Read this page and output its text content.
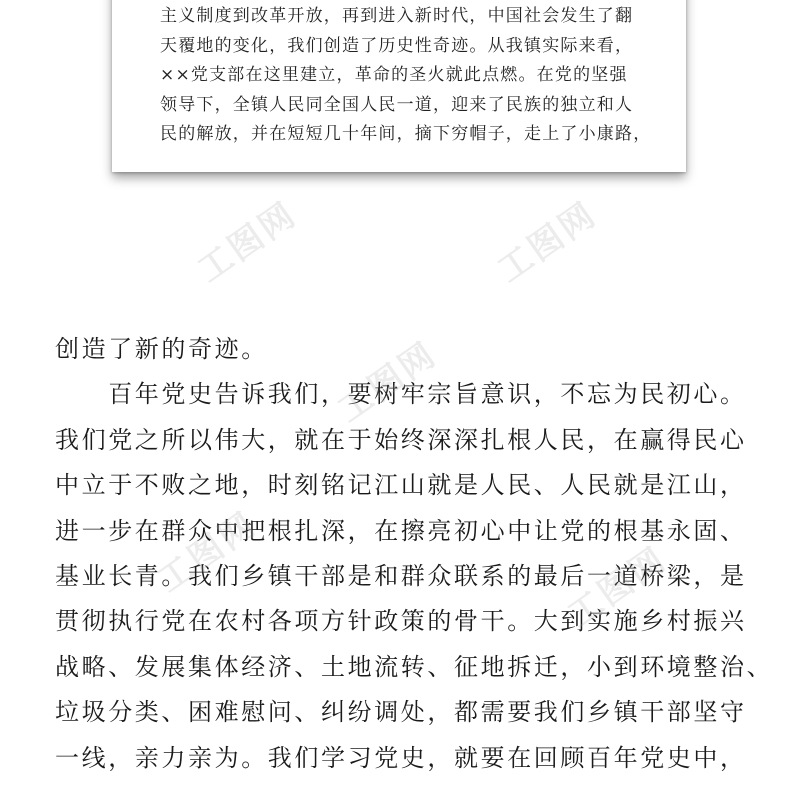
主义制度到改革开放，再到进入新时代，中国社会发生了翻
天覆地的变化，我们创造了历史性奇迹。从我镇实际来看，
××党支部在这里建立，革命的圣火就此点燃。在党的坚强
领导下，全镇人民同全国人民一道，迎来了民族的独立和人
民的解放，并在短短几十年间，摘下穷帽子，走上了小康路，
创造了新的奇迹。
　　百年党史告诉我们，要树牢宗旨意识，不忘为民初心。
我们党之所以伟大，就在于始终深深扎根人民，在赢得民心
中立于不败之地，时刻铭记江山就是人民、人民就是江山，
进一步在群众中把根扎深，在擦亮初心中让党的根基永固、
基业长青。我们乡镇干部是和群众联系的最后一道桥梁，是
贯彻执行党在农村各项方针政策的骨干。大到实施乡村振兴
战略、发展集体经济、土地流转、征地拆迁，小到环境整治、
垃圾分类、困难慰问、纠纷调处，都需要我们乡镇干部坚守
一线，亲力亲为。我们学习党史，就要在回顾百年党史中，
工图网	工图网
工图网
工图网	工图网
